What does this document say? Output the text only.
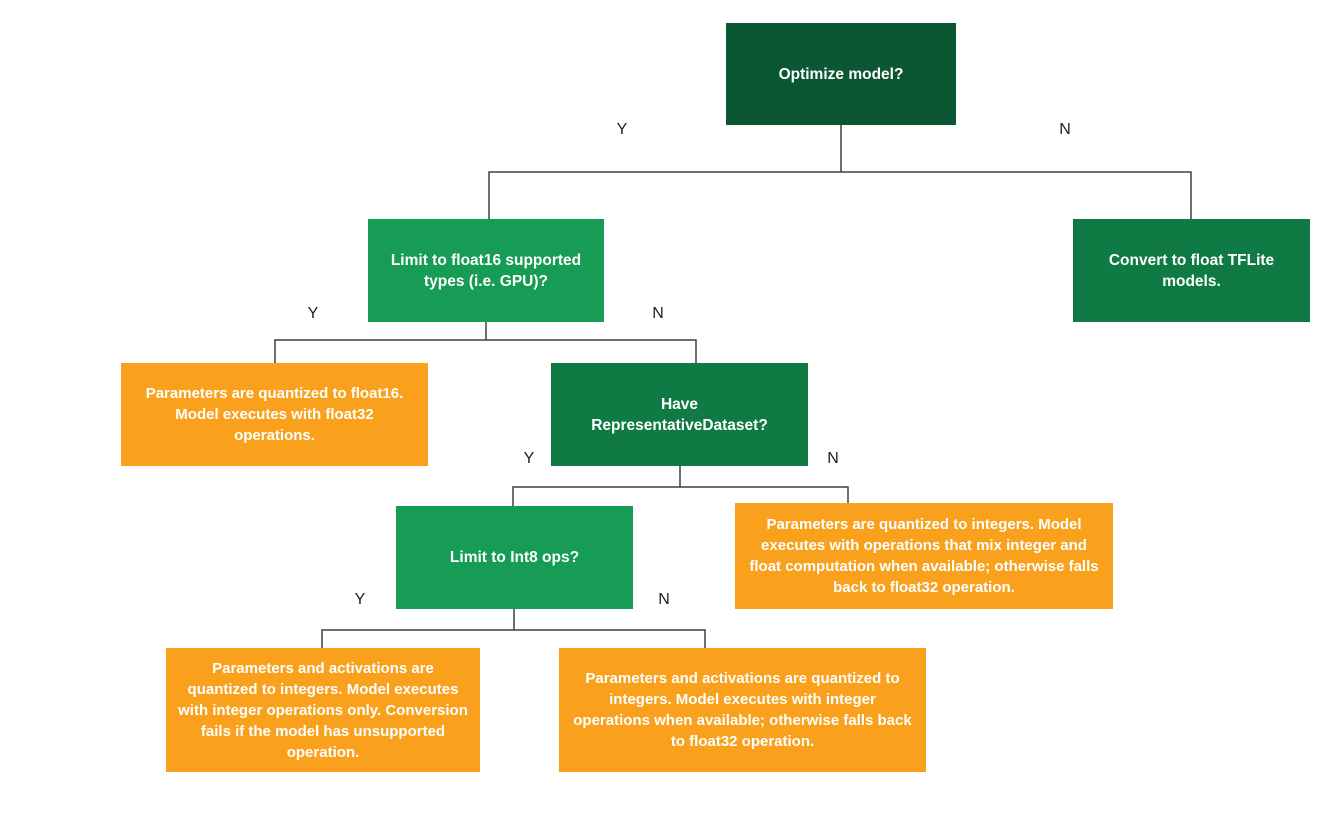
Optimize model?
Limit to float16 supported types (i.e. GPU)?
Convert to float TFLite models.
Parameters are quantized to float16. Model executes with float32 operations.
Have RepresentativeDataset?
Limit to Int8 ops?
Parameters are quantized to integers. Model executes with operations that mix integer and float computation when available; otherwise falls back to float32 operation.
Parameters and activations are quantized to integers. Model executes with integer operations only. Conversion fails if the model has unsupported operation.
Parameters and activations are quantized to integers. Model executes with integer operations when available; otherwise falls back to float32 operation.
Y	N
Y	N
Y	N
Y	N
